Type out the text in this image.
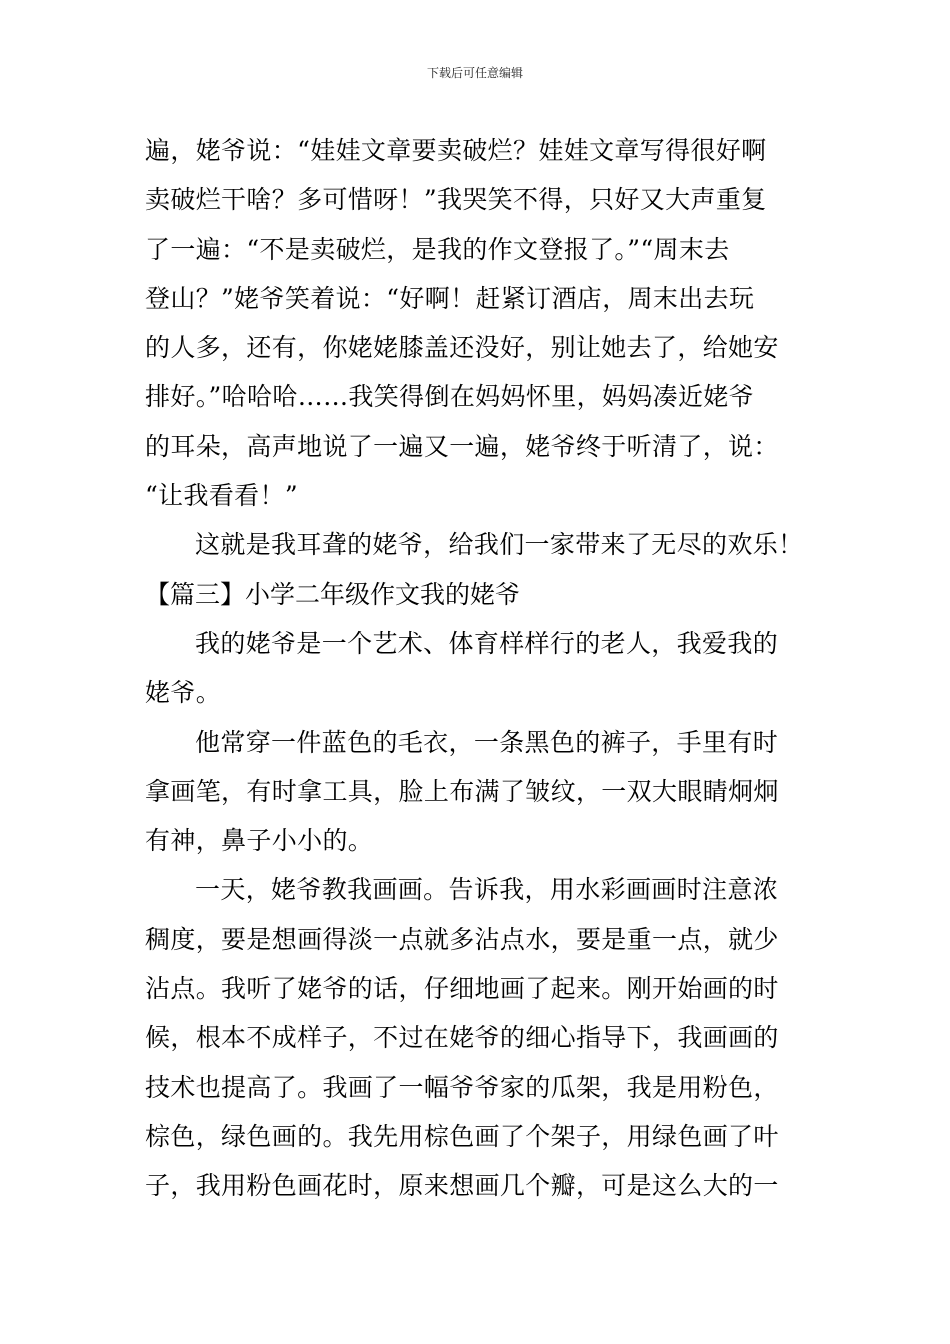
下载后可任意编辑
遍，姥爷说：“娃娃文章要卖破烂？娃娃文章写得很好啊
卖破烂干啥？多可惜呀！”我哭笑不得，只好又大声重复
了一遍：“不是卖破烂，是我的作文登报了。”“周末去
登山？”姥爷笑着说：“好啊！赶紧订酒店，周末出去玩
的人多，还有，你姥姥膝盖还没好，别让她去了，给她安
排好。”哈哈哈……我笑得倒在妈妈怀里，妈妈凑近姥爷
的耳朵，高声地说了一遍又一遍，姥爷终于听清了，说：
“让我看看！”
这就是我耳聋的姥爷，给我们一家带来了无尽的欢乐！
【篇三】小学二年级作文我的姥爷
我的姥爷是一个艺术、体育样样行的老人，我爱我的
姥爷。
他常穿一件蓝色的毛衣，一条黑色的裤子，手里有时
拿画笔，有时拿工具，脸上布满了皱纹，一双大眼睛炯炯
有神，鼻子小小的。
一天，姥爷教我画画。告诉我，用水彩画画时注意浓
稠度，要是想画得淡一点就多沾点水，要是重一点，就少
沾点。我听了姥爷的话，仔细地画了起来。刚开始画的时
候，根本不成样子，不过在姥爷的细心指导下，我画画的
技术也提高了。我画了一幅爷爷家的瓜架，我是用粉色，
棕色，绿色画的。我先用棕色画了个架子，用绿色画了叶
子，我用粉色画花时，原来想画几个瓣，可是这么大的一
